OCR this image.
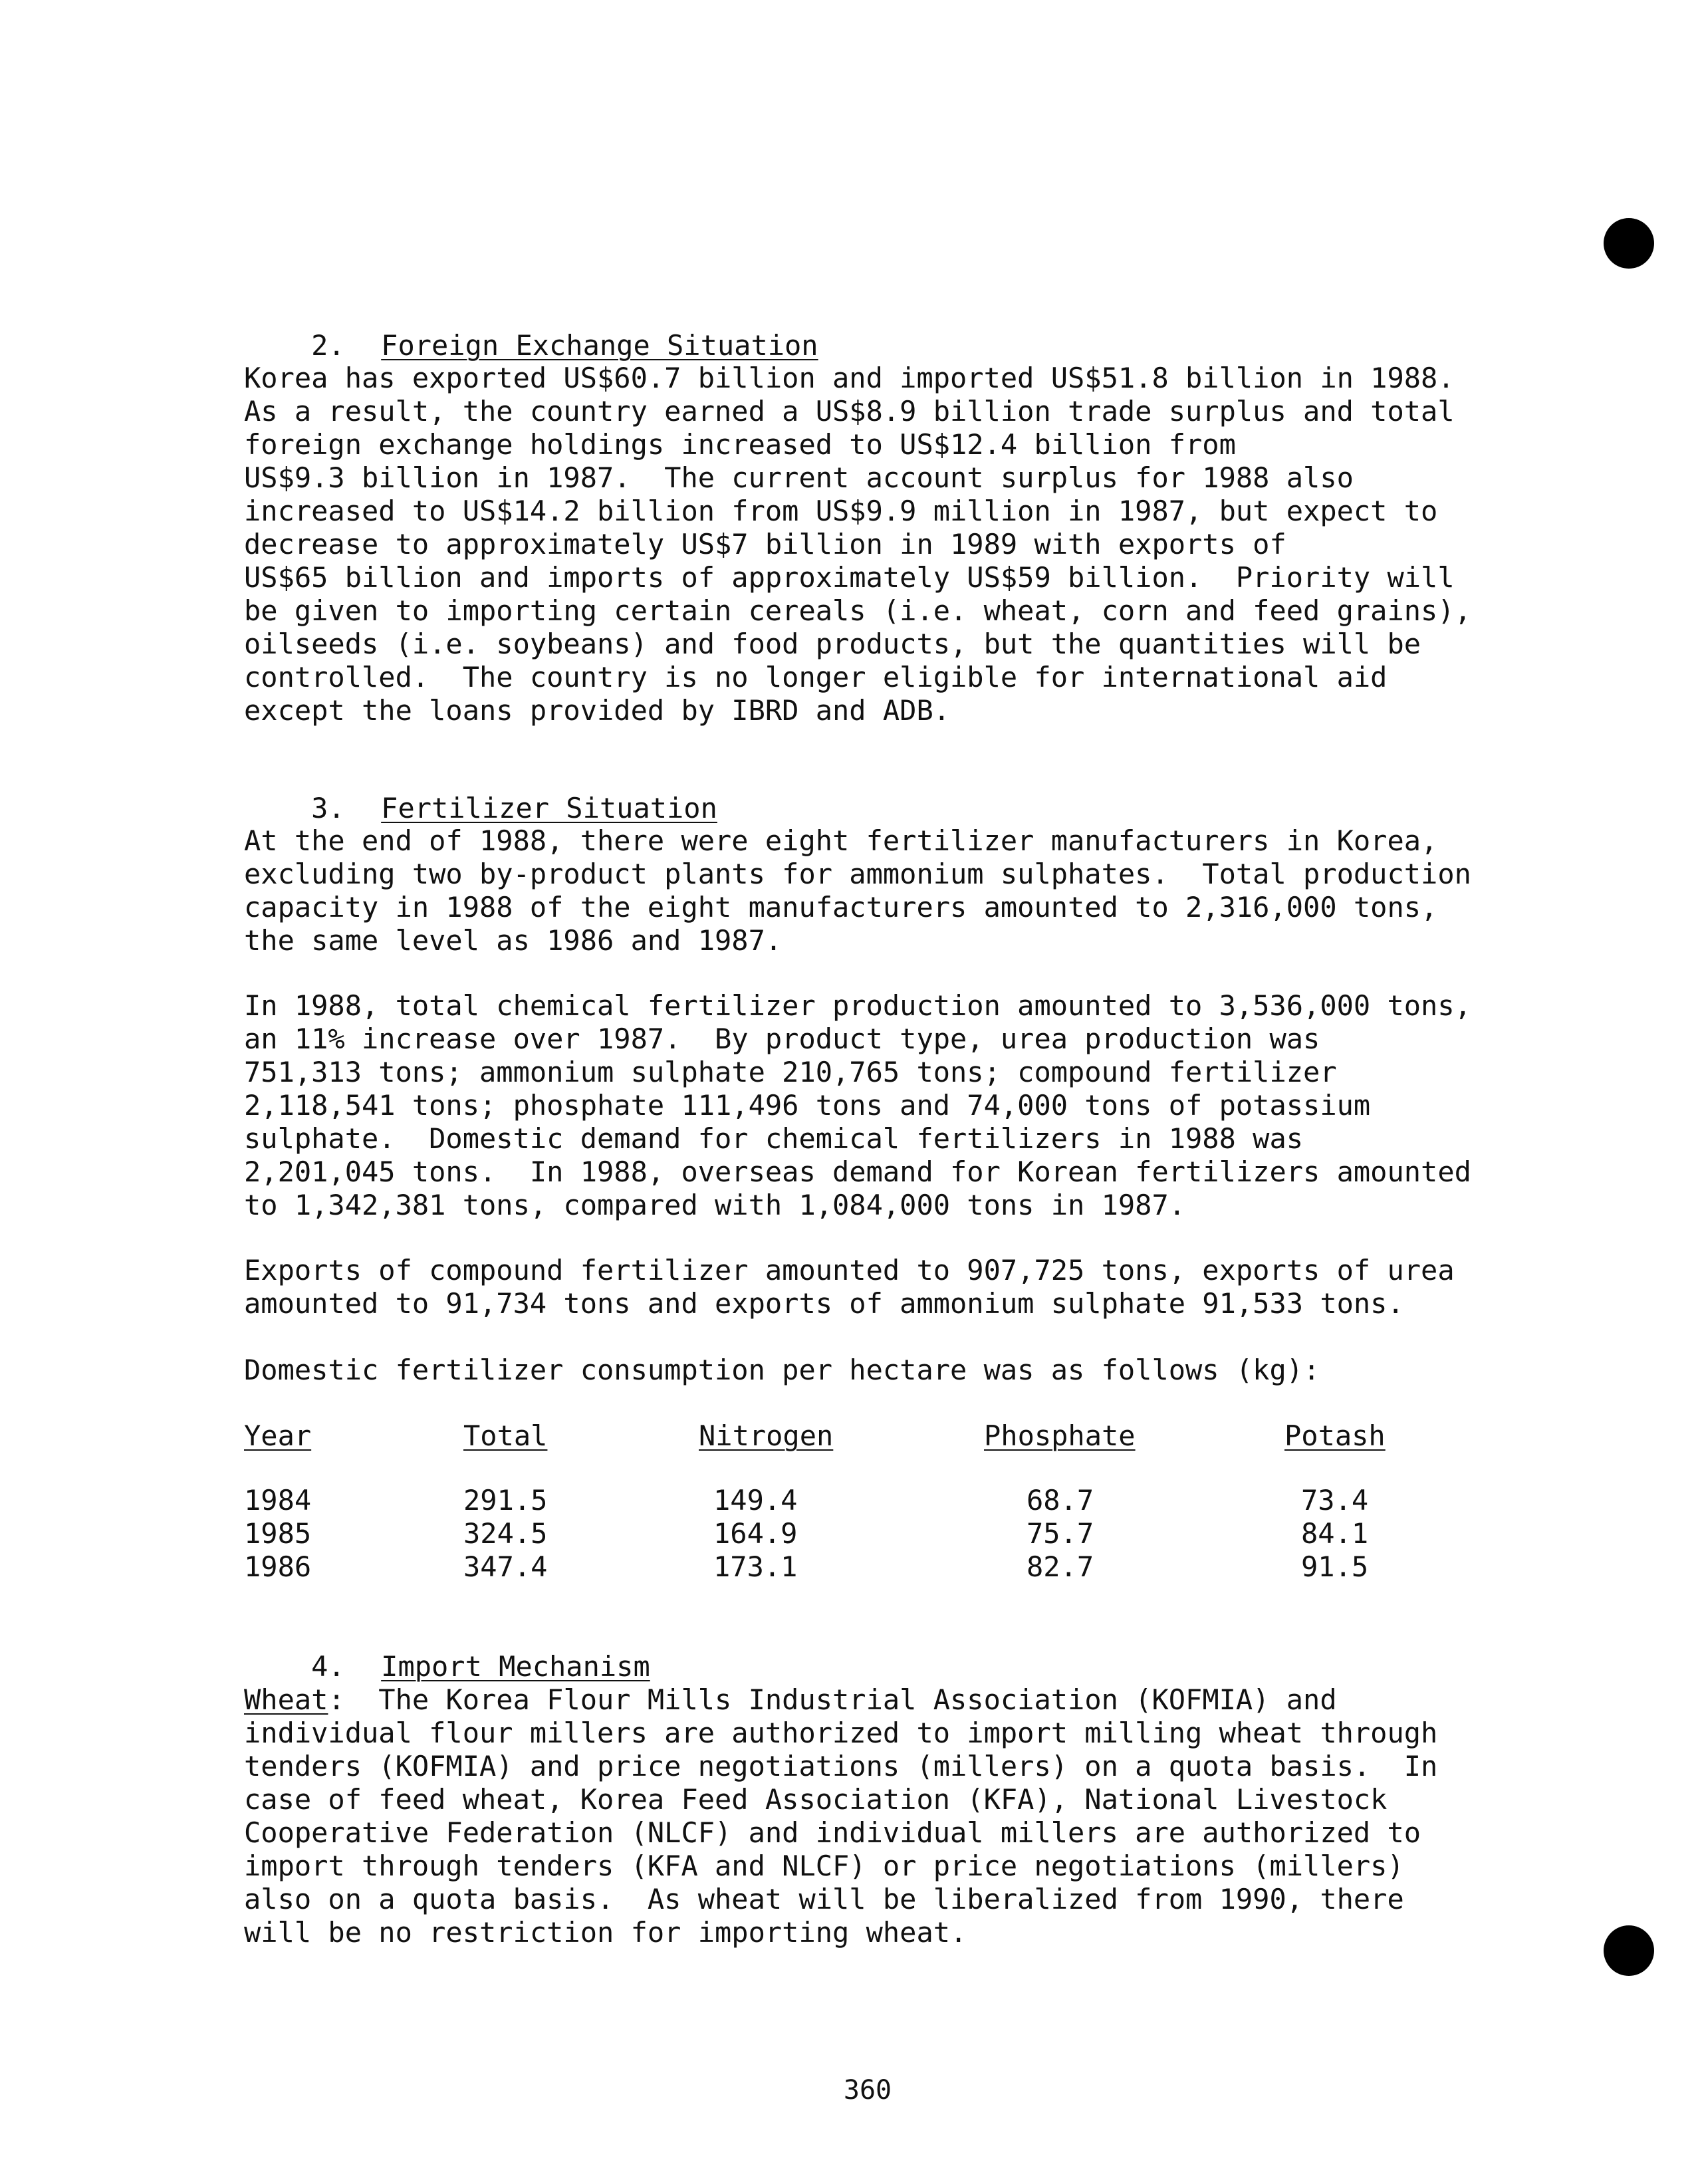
2. Foreign Exchange Situation

Korea has exported US$60.7 billion and imported US$51.8 billion in 1988.
As a result, the country earned a US$8.9 billion trade surplus and total
foreign exchange holdings increased to US$12.4 billion from
US$9.3 billion in 1987.  The current account surplus for 1988 also
increased to US$14.2 billion from US$9.9 million in 1987, but expect to
decrease to approximately US$7 billion in 1989 with exports of
US$65 billion and imports of approximately US$59 billion.  Priority will
be given to importing certain cereals (i.e. wheat, corn and feed grains),
oilseeds (i.e. soybeans) and food products, but the quantities will be
controlled.  The country is no longer eligible for international aid
except the loans provided by IBRD and ADB.

3. Fertilizer Situation

At the end of 1988, there were eight fertilizer manufacturers in Korea,
excluding two by-product plants for ammonium sulphates.  Total production
capacity in 1988 of the eight manufacturers amounted to 2,316,000 tons,
the same level as 1986 and 1987.
In 1988, total chemical fertilizer production amounted to 3,536,000 tons,
an 11% increase over 1987.  By product type, urea production was
751,313 tons; ammonium sulphate 210,765 tons; compound fertilizer
2,118,541 tons; phosphate 111,496 tons and 74,000 tons of potassium
sulphate.  Domestic demand for chemical fertilizers in 1988 was
2,201,045 tons.  In 1988, overseas demand for Korean fertilizers amounted
to 1,342,381 tons, compared with 1,084,000 tons in 1987.
Exports of compound fertilizer amounted to 907,725 tons, exports of urea
amounted to 91,734 tons and exports of ammonium sulphate 91,533 tons.
Domestic fertilizer consumption per hectare was as follows (kg):
Year	Total	Nitrogen	Phosphate	Potash
1984	291.5	149.4	68.7	73.4
1985	324.5	164.9	75.7	84.1
1986	347.4	173.1	82.7	91.5

4. Import Mechanism

Wheat:  The Korea Flour Mills Industrial Association (KOFMIA) and
individual flour millers are authorized to import milling wheat through
tenders (KOFMIA) and price negotiations (millers) on a quota basis.  In
case of feed wheat, Korea Feed Association (KFA), National Livestock
Cooperative Federation (NLCF) and individual millers are authorized to
import through tenders (KFA and NLCF) or price negotiations (millers)
also on a quota basis.  As wheat will be liberalized from 1990, there
will be no restriction for importing wheat.
360
